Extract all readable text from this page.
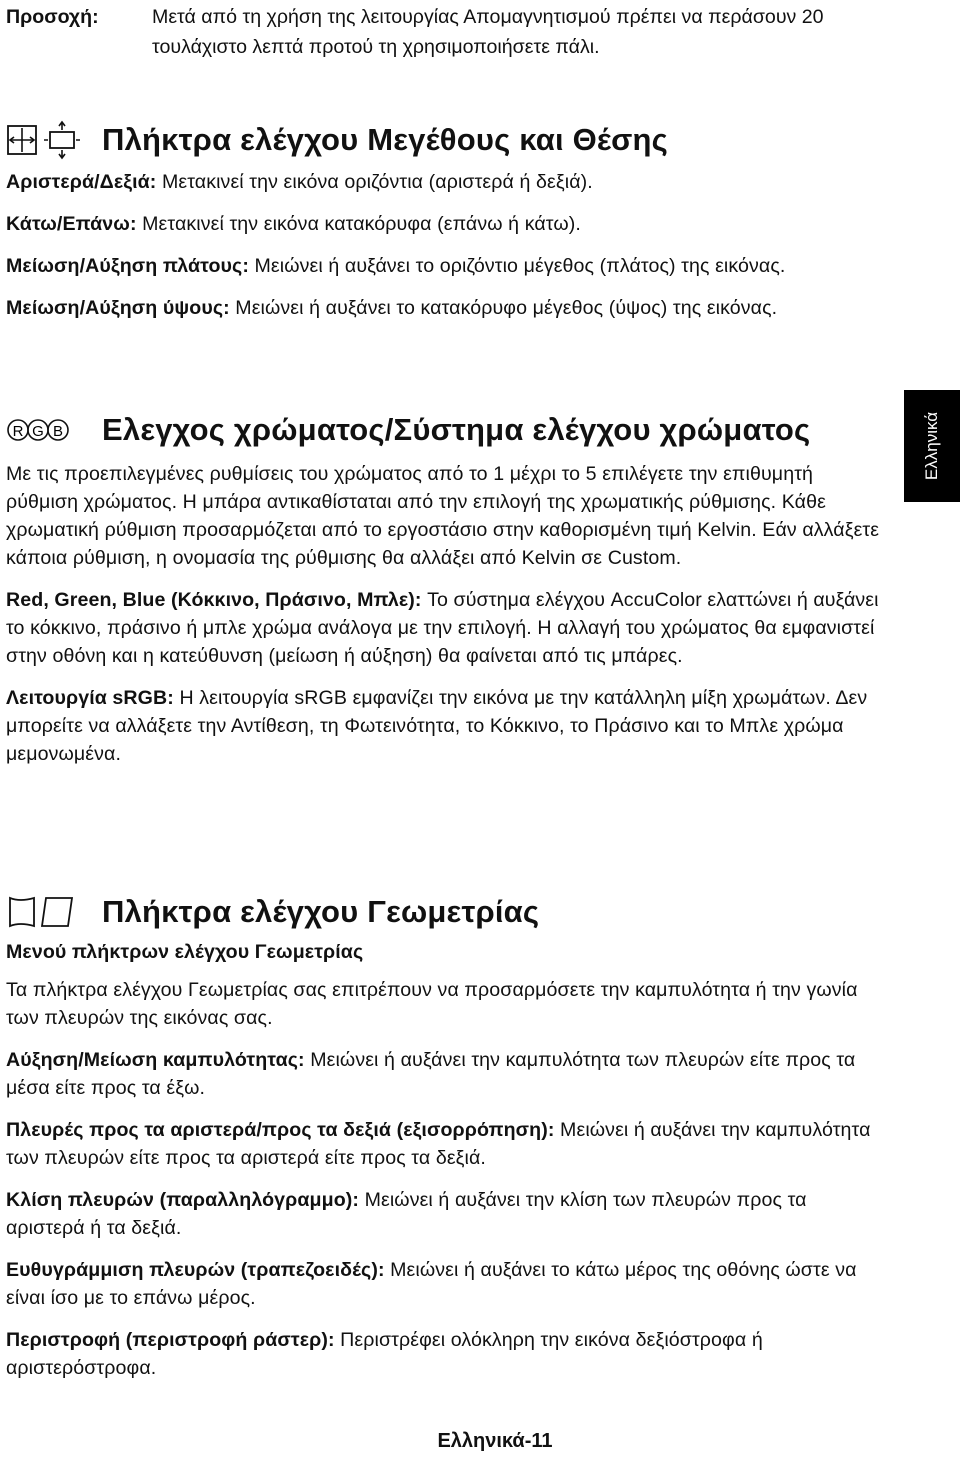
Προσοχή:	Μετά από τη χρήση της λειτουργίας Απομαγνητισμού πρέπει να περάσουν 20 τουλάχιστο λεπτά προτού τη χρησιμοποιήσετε πάλι.
Πλήκτρα ελέγχου Μεγέθους και Θέσης

Αριστερά/Δεξιά: Μετακινεί την εικόνα οριζόντια (αριστερά ή δεξιά).

Κάτω/Επάνω: Μετακινεί την εικόνα κατακόρυφα (επάνω ή κάτω).

Μείωση/Αύξηση πλάτους: Μειώνει ή αυξάνει το οριζόντιο μέγεθος (πλάτος) της εικόνας.

Μείωση/Αύξηση ύψους: Μειώνει ή αυξάνει το κατακόρυφο μέγεθος (ύψος) της εικόνας.

R G B Ελεγχος χρώματος/Σύστημα ελέγχου χρώματος

Με τις προεπιλεγμένες ρυθμίσεις του χρώματος από το 1 μέχρι το 5 επιλέγετε την επιθυμητή ρύθμιση χρώματος. Η μπάρα αντικαθίσταται από την επιλογή της χρωματικής ρύθμισης. Κάθε χρωματική ρύθμιση προσαρμόζεται από το εργοστάσιο στην καθορισμένη τιμή Kelvin. Εάν αλλάξετε κάποια ρύθμιση, η ονομασία της ρύθμισης θα αλλάξει από Kelvin σε Custom.

Red, Green, Blue (Κόκκινο, Πράσινο, Μπλε): Το σύστημα ελέγχου AccuColor ελαττώνει ή αυξάνει το κόκκινο, πράσινο ή μπλε χρώμα ανάλογα με την επιλογή. Η αλλαγή του χρώματος θα εμφανιστεί στην οθόνη και η κατεύθυνση (μείωση ή αύξηση) θα φαίνεται από τις μπάρες.

Λειτουργία sRGB: Η λειτουργία sRGB εμφανίζει την εικόνα με την κατάλληλη μίξη χρωμάτων. Δεν μπορείτε να αλλάξετε την Αντίθεση, τη Φωτεινότητα, το Κόκκινο, το Πράσινο και το Μπλε χρώμα μεμονωμένα.

Ελληνικά
Πλήκτρα ελέγχου Γεωμετρίας

Μενού πλήκτρων ελέγχου Γεωμετρίας

Τα πλήκτρα ελέγχου Γεωμετρίας σας επιτρέπουν να προσαρμόσετε την καμπυλότητα ή την γωνία των πλευρών της εικόνας σας.

Αύξηση/Μείωση καμπυλότητας: Μειώνει ή αυξάνει την καμπυλότητα των πλευρών είτε προς τα μέσα είτε προς τα έξω.

Πλευρές προς τα αριστερά/προς τα δεξιά (εξισορρόπηση): Μειώνει ή αυξάνει την καμπυλότητα των πλευρών είτε προς τα αριστερά είτε προς τα δεξιά.

Κλίση πλευρών (παραλληλόγραμμο): Μειώνει ή αυξάνει την κλίση των πλευρών προς τα αριστερά ή τα δεξιά.

Ευθυγράμμιση πλευρών (τραπεζοειδές): Μειώνει ή αυξάνει το κάτω μέρος της οθόνης ώστε να είναι ίσο με το επάνω μέρος.

Περιστροφή (περιστροφή ράστερ): Περιστρέφει ολόκληρη την εικόνα δεξιόστροφα ή αριστερόστροφα.

Ελληνικά-11
